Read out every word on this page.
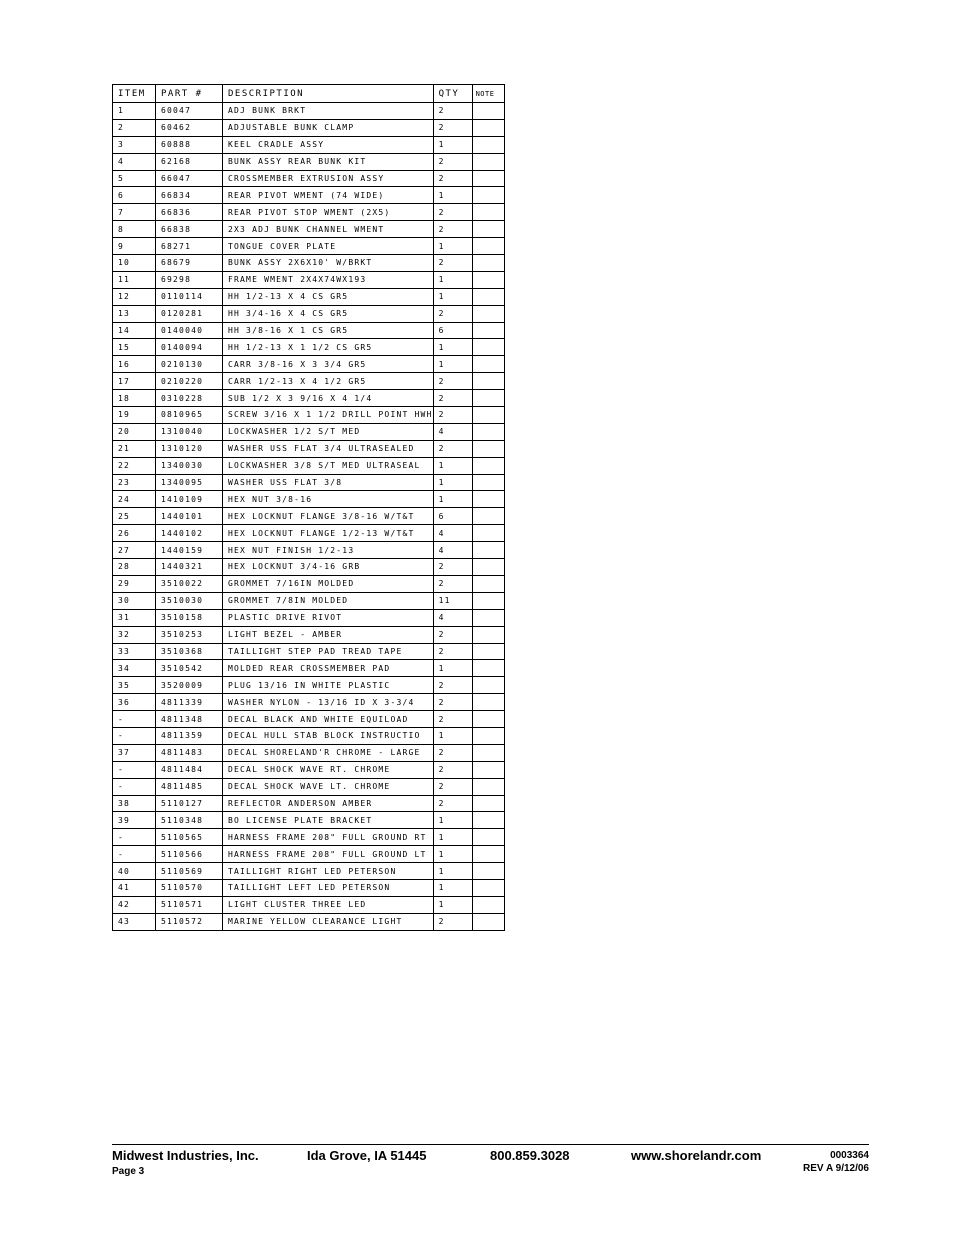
ITEM	PART #	DESCRIPTION	QTY	NOTE
1	60047	ADJ BUNK BRKT	2	
2	60462	ADJUSTABLE BUNK CLAMP	2	
3	60888	KEEL CRADLE ASSY	1	
4	62168	BUNK ASSY REAR BUNK KIT	2	
5	66047	CROSSMEMBER EXTRUSION ASSY	2	
6	66834	REAR PIVOT WMENT (74 WIDE)	1	
7	66836	REAR PIVOT STOP WMENT (2X5)	2	
8	66838	2X3 ADJ BUNK CHANNEL WMENT	2	
9	68271	TONGUE COVER PLATE	1	
10	68679	BUNK ASSY 2X6X10' W/BRKT	2	
11	69298	FRAME WMENT 2X4X74WX193	1	
12	0110114	HH 1/2-13 X 4 CS GR5	1	
13	0120281	HH 3/4-16 X 4 CS GR5	2	
14	0140040	HH 3/8-16 X 1 CS GR5	6	
15	0140094	HH 1/2-13 X 1 1/2 CS GR5	1	
16	0210130	CARR 3/8-16 X 3 3/4 GR5	1	
17	0210220	CARR 1/2-13 X 4 1/2 GR5	2	
18	0310228	SUB 1/2 X 3 9/16 X 4 1/4	2	
19	0810965	SCREW 3/16 X 1 1/2 DRILL POINT HWH	2	
20	1310040	LOCKWASHER 1/2 S/T MED	4	
21	1310120	WASHER USS FLAT 3/4 ULTRASEALED	2	
22	1340030	LOCKWASHER 3/8 S/T MED ULTRASEAL	1	
23	1340095	WASHER USS FLAT 3/8	1	
24	1410109	HEX NUT 3/8-16	1	
25	1440101	HEX LOCKNUT FLANGE 3/8-16 W/T&T	6	
26	1440102	HEX LOCKNUT FLANGE 1/2-13 W/T&T	4	
27	1440159	HEX NUT FINISH 1/2-13	4	
28	1440321	HEX LOCKNUT 3/4-16 GRB	2	
29	3510022	GROMMET 7/16IN MOLDED	2	
30	3510030	GROMMET 7/8IN MOLDED	11	
31	3510158	PLASTIC DRIVE RIVOT	4	
32	3510253	LIGHT BEZEL - AMBER	2	
33	3510368	TAILLIGHT STEP PAD TREAD TAPE	2	
34	3510542	MOLDED REAR CROSSMEMBER PAD	1	
35	3520009	PLUG 13/16 IN WHITE PLASTIC	2	
36	4811339	WASHER NYLON - 13/16 ID X 3-3/4	2	
-	4811348	DECAL BLACK AND WHITE EQUILOAD	2	
-	4811359	DECAL HULL STAB BLOCK INSTRUCTIO	1	
37	4811483	DECAL SHORELAND'R CHROME - LARGE	2	
-	4811484	DECAL SHOCK WAVE RT. CHROME	2	
-	4811485	DECAL SHOCK WAVE LT. CHROME	2	
38	5110127	REFLECTOR ANDERSON AMBER	2	
39	5110348	BO LICENSE PLATE BRACKET	1	
-	5110565	HARNESS FRAME 208" FULL GROUND RT	1	
-	5110566	HARNESS FRAME 208" FULL GROUND LT	1	
40	5110569	TAILLIGHT RIGHT LED PETERSON	1	
41	5110570	TAILLIGHT LEFT LED PETERSON	1	
42	5110571	LIGHT CLUSTER THREE LED	1	
43	5110572	MARINE YELLOW CLEARANCE LIGHT	2	
Midwest Industries, Inc.	Ida Grove, IA 51445	800.859.3028	www.shorelandr.com	0003364
Page 3	REV A 9/12/06
